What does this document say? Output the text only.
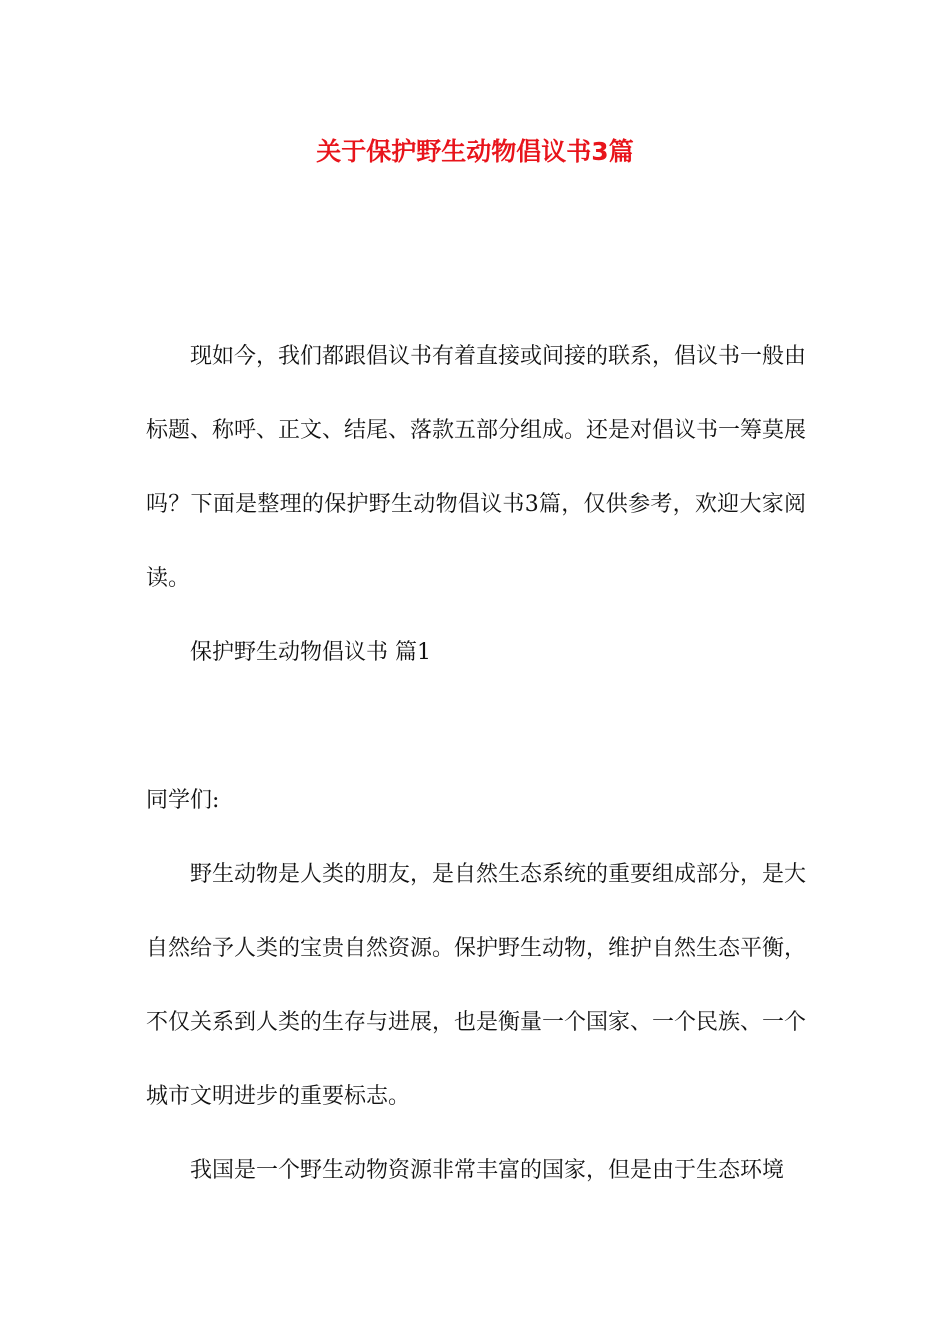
关于保护野生动物倡议书3篇

现如今，我们都跟倡议书有着直接或间接的联系，倡议书一般由标题、称呼、正文、结尾、落款五部分组成。还是对倡议书一筹莫展吗？下面是整理的保护野生动物倡议书3篇，仅供参考，欢迎大家阅读。

保护野生动物倡议书 篇1

同学们:

野生动物是人类的朋友，是自然生态系统的重要组成部分，是大自然给予人类的宝贵自然资源。保护野生动物，维护自然生态平衡，不仅关系到人类的生存与进展，也是衡量一个国家、一个民族、一个城市文明进步的重要标志。

我国是一个野生动物资源非常丰富的国家，但是由于生态环境
